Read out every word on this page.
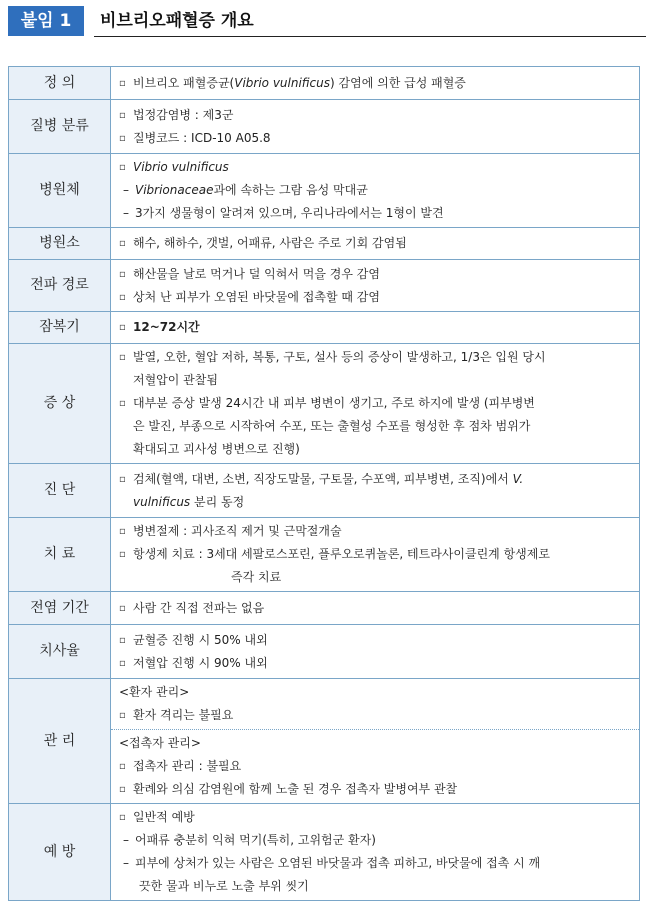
붙임 1	비브리오패혈증 개요
정 의	▫ 비브리오 패혈증균(Vibrio vulnificus) 감염에 의한 급성 패혈증

질병 분류	▫ 법정감염병 : 제3군
▫ 질병코드 : ICD-10 A05.8

병원체	▫ Vibrio vulnificus
– Vibrionaceae과에 속하는 그람 음성 막대균
– 3가지 생물형이 알려져 있으며, 우리나라에서는 1형이 발견

병원소	▫ 해수, 해하수, 갯벌, 어패류, 사람은 주로 기회 감염됨

전파 경로	▫ 해산물을 날로 먹거나 덜 익혀서 먹을 경우 감염
▫ 상처 난 피부가 오염된 바닷물에 접촉할 때 감염

잠복기	▫ 12~72시간

증 상	▫ 발열, 오한, 혈압 저하, 복통, 구토, 설사 등의 증상이 발생하고, 1/3은 입원 당시
저혈압이 관찰됨
▫ 대부분 증상 발생 24시간 내 피부 병변이 생기고, 주로 하지에 발생 (피부병변
은 발진, 부종으로 시작하여 수포, 또는 출혈성 수포를 형성한 후 점차 범위가
확대되고 괴사성 병변으로 진행)

진 단	▫ 검체(혈액, 대변, 소변, 직장도말물, 구토물, 수포액, 피부병변, 조직)에서 V.
vulnificus 분리 동정

치 료	▫ 병변절제 : 괴사조직 제거 및 근막절개술
▫ 항생제 치료 : 3세대 세팔로스포린, 플루오로퀴놀론, 테트라사이클린계 항생제로
즉각 치료

전염 기간	▫ 사람 간 직접 전파는 없음

치사율	▫ 균혈증 진행 시 50% 내외
▫ 저혈압 진행 시 90% 내외

관 리	<환자 관리>
▫ 환자 격리는 불필요
<접촉자 관리>
▫ 접촉자 관리 : 불필요
▫ 환례와 의심 감염원에 함께 노출 된 경우 접촉자 발병여부 관찰

예 방	▫ 일반적 예방
– 어패류 충분히 익혀 먹기(특히, 고위험군 환자)
– 피부에 상처가 있는 사람은 오염된 바닷물과 접촉 피하고, 바닷물에 접촉 시 깨
끗한 물과 비누로 노출 부위 씻기
